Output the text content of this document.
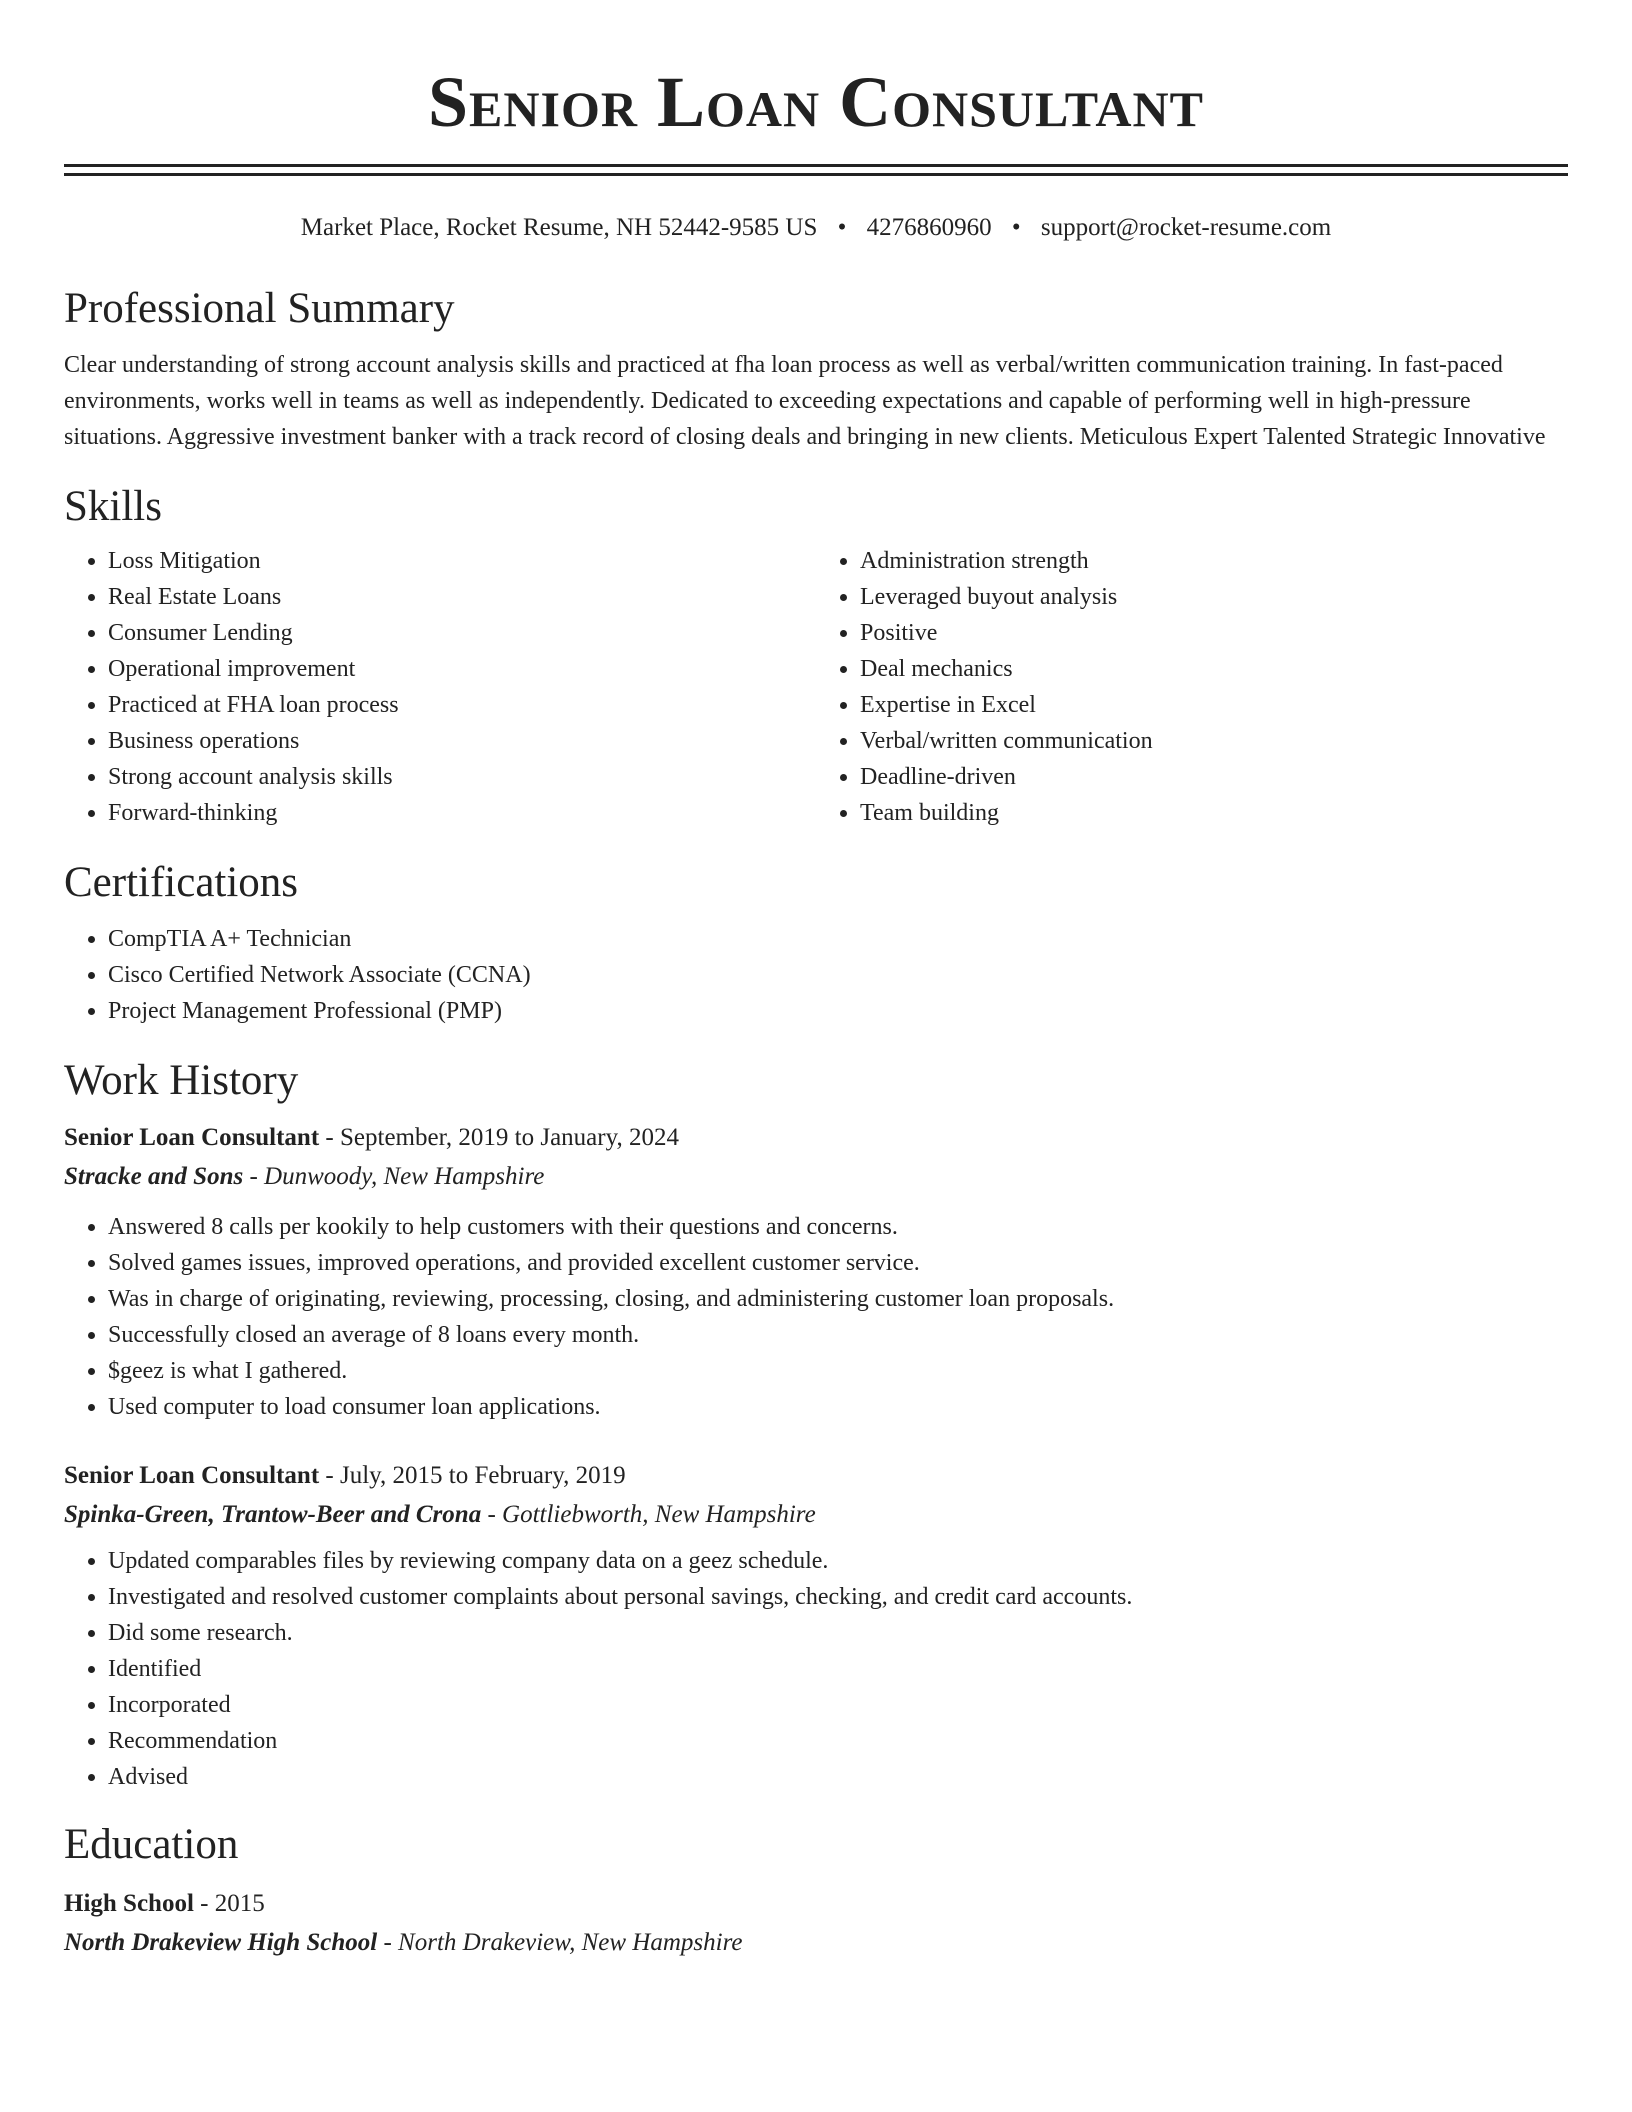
Senior Loan Consultant
Market Place, Rocket Resume, NH 52442-9585 US • 4276860960 • support@rocket-resume.com
Professional Summary

Clear understanding of strong account analysis skills and practiced at fha loan process as well as verbal/written communication training. In fast-paced environments, works well in teams as well as independently. Dedicated to exceeding expectations and capable of performing well in high-pressure situations. Aggressive investment banker with a track record of closing deals and bringing in new clients. Meticulous Expert Talented Strategic Innovative

Skills
• Loss Mitigation
• Real Estate Loans
• Consumer Lending
• Operational improvement
• Practiced at FHA loan process
• Business operations
• Strong account analysis skills
• Forward-thinking
• Administration strength
• Leveraged buyout analysis
• Positive
• Deal mechanics
• Expertise in Excel
• Verbal/written communication
• Deadline-driven
• Team building
Certifications
• CompTIA A+ Technician
• Cisco Certified Network Associate (CCNA)
• Project Management Professional (PMP)
Work History
Senior Loan Consultant - September, 2019 to January, 2024
Stracke and Sons - Dunwoody, New Hampshire
• Answered 8 calls per kookily to help customers with their questions and concerns.
• Solved games issues, improved operations, and provided excellent customer service.
• Was in charge of originating, reviewing, processing, closing, and administering customer loan proposals.
• Successfully closed an average of 8 loans every month.
• $geez is what I gathered.
• Used computer to load consumer loan applications.
Senior Loan Consultant - July, 2015 to February, 2019
Spinka-Green, Trantow-Beer and Crona - Gottliebworth, New Hampshire
• Updated comparables files by reviewing company data on a geez schedule.
• Investigated and resolved customer complaints about personal savings, checking, and credit card accounts.
• Did some research.
• Identified
• Incorporated
• Recommendation
• Advised
Education
High School - 2015
North Drakeview High School - North Drakeview, New Hampshire
